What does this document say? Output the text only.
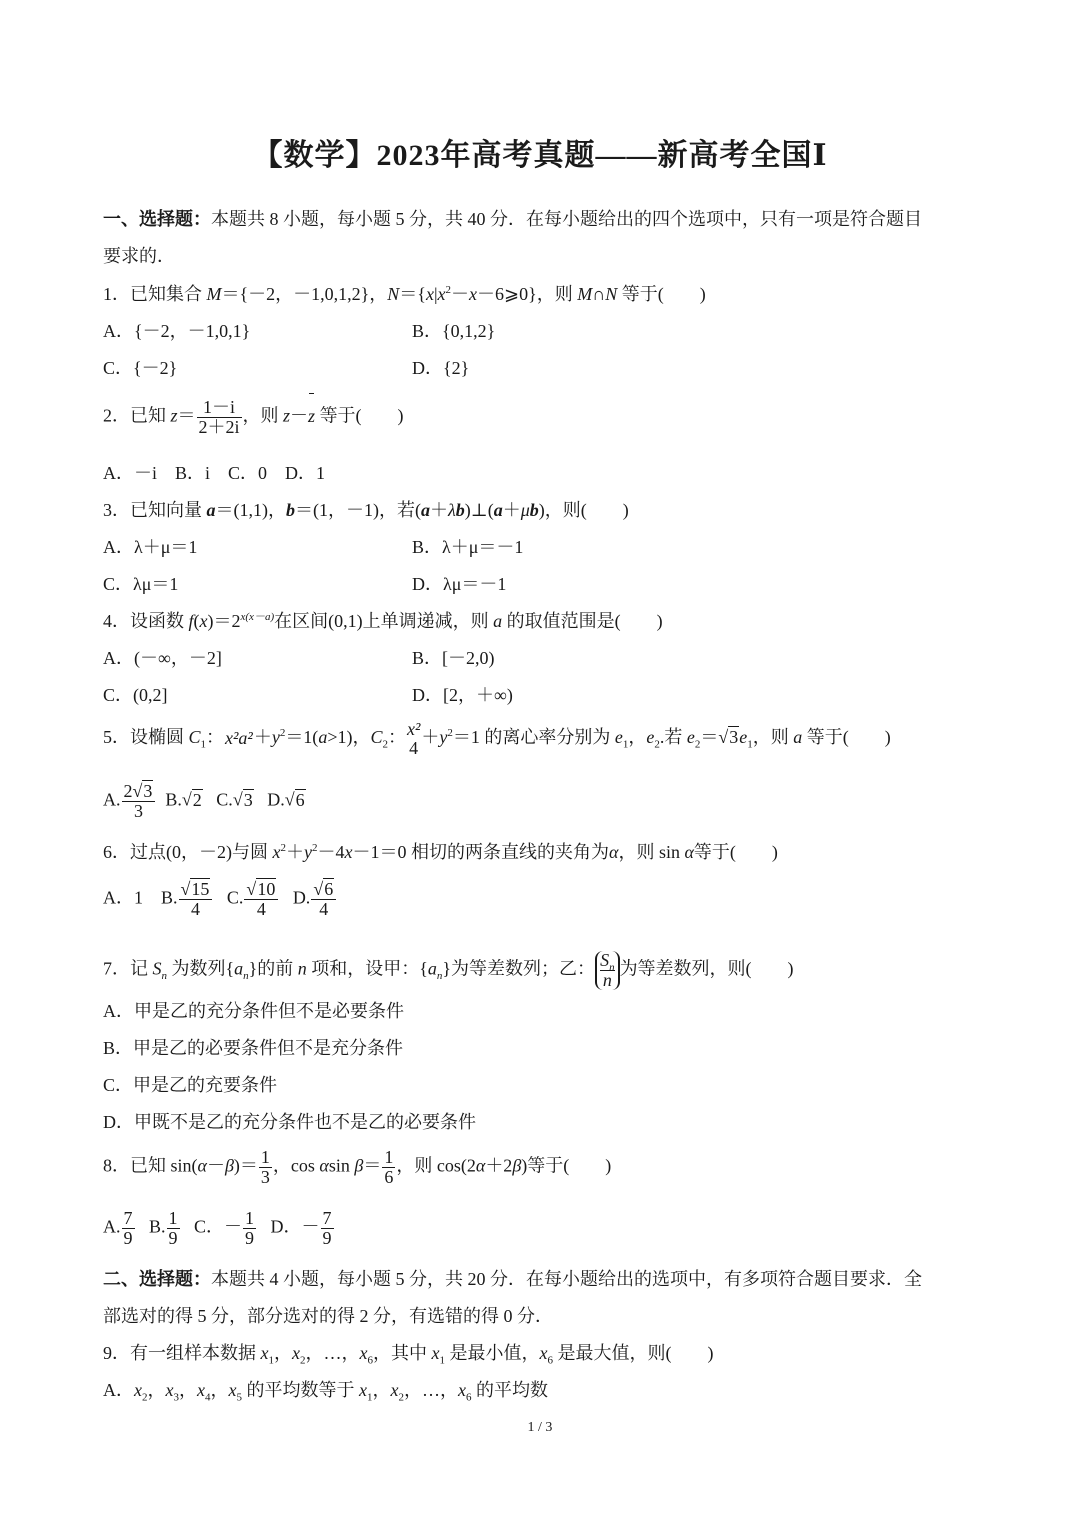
【数学】2023年高考真题——新高考全国Ⅰ
一、选择题：本题共 8 小题，每小题 5 分，共 40 分．在每小题给出的四个选项中，只有一项是符合题目
要求的．
1．已知集合 M＝{－2，－1,0,1,2}，$N=\{x|x^2-x-6⩾0\}$，则 M∩N 等于(　　)
A．{－2，－1,0,1}	B．{0,1,2}
C．{－2}	D．{2}
2．已知 $z= \frac{1-i}{2+2i}$ ，则 z－z 等于(　　)
A．－i　B．i　C．0　D．1
3．已知向量 a＝(1,1)，b＝(1，－1)，若(a＋λb)⊥(a＋μb)，则(　　)
A．λ＋μ＝1	B．λ＋μ＝－1
C．λμ＝1	D．λμ＝－1
4．设函数 $f(x)=2^{x(x-a)}$在区间(0,1)上单调递减，则 a 的取值范围是(　　)
A．(－∞，－2]	B．[－2,0)
C．(0,2]	D．[2，＋∞)
5．设椭圆 $C_1$：$x^2a^2+y^2=1(a>1)$，$C_2$：x²
4
$+y^2=1$ 的离心率分别为 $e_1$，$e_2$.若 $e_2=√3e_1$，则 a 等于(　　)
A. $\frac{2√3}{3} B.√2$ C.√3 D.√6
6．过点(0，－2)与圆 $x^2+y^2-4x-1=0$ 相切的两条直线的夹角为α，则 sin α等于(　　)
A．1　B. $\frac{√15}{4} C$. $\frac{√10}{4} D$. $\frac{√6}{4}$
7．记 $S_n$ 为数列$\{a_n\}$的前 n 项和，设甲：$\{a_n\}$为等差数列；乙： $\frac{S_n}{n}$为等差数列，则(　　)
A．甲是乙的充分条件但不是必要条件
B．甲是乙的必要条件但不是充分条件
C．甲是乙的充要条件
D．甲既不是乙的充分条件也不是乙的必要条件
8．已知 $\sin(\alpha-\beta)= \frac{1}{3}$ ，cos αsin $\beta= \frac{1}{6}$ ，则 cos(2α＋2β)等于(　　)
A. $\frac{7}{9} B$. $\frac{1}{9}$ C．－ $\frac{1}{9}$ D．－ $\frac{7}{9}$
二、选择题：本题共 4 小题，每小题 5 分，共 20 分．在每小题给出的选项中，有多项符合题目要求．全
部选对的得 5 分，部分选对的得 2 分，有选错的得 0 分．
9．有一组样本数据 $x_1$，$x_2$，…，$x_6$，其中 $x_1$ 是最小值，$x_6$ 是最大值，则(　　)
A．$x_2$，$x_3$，$x_4$，$x_5$ 的平均数等于 $x_1$，$x_2$，…，$x_6$ 的平均数
1 / 3
